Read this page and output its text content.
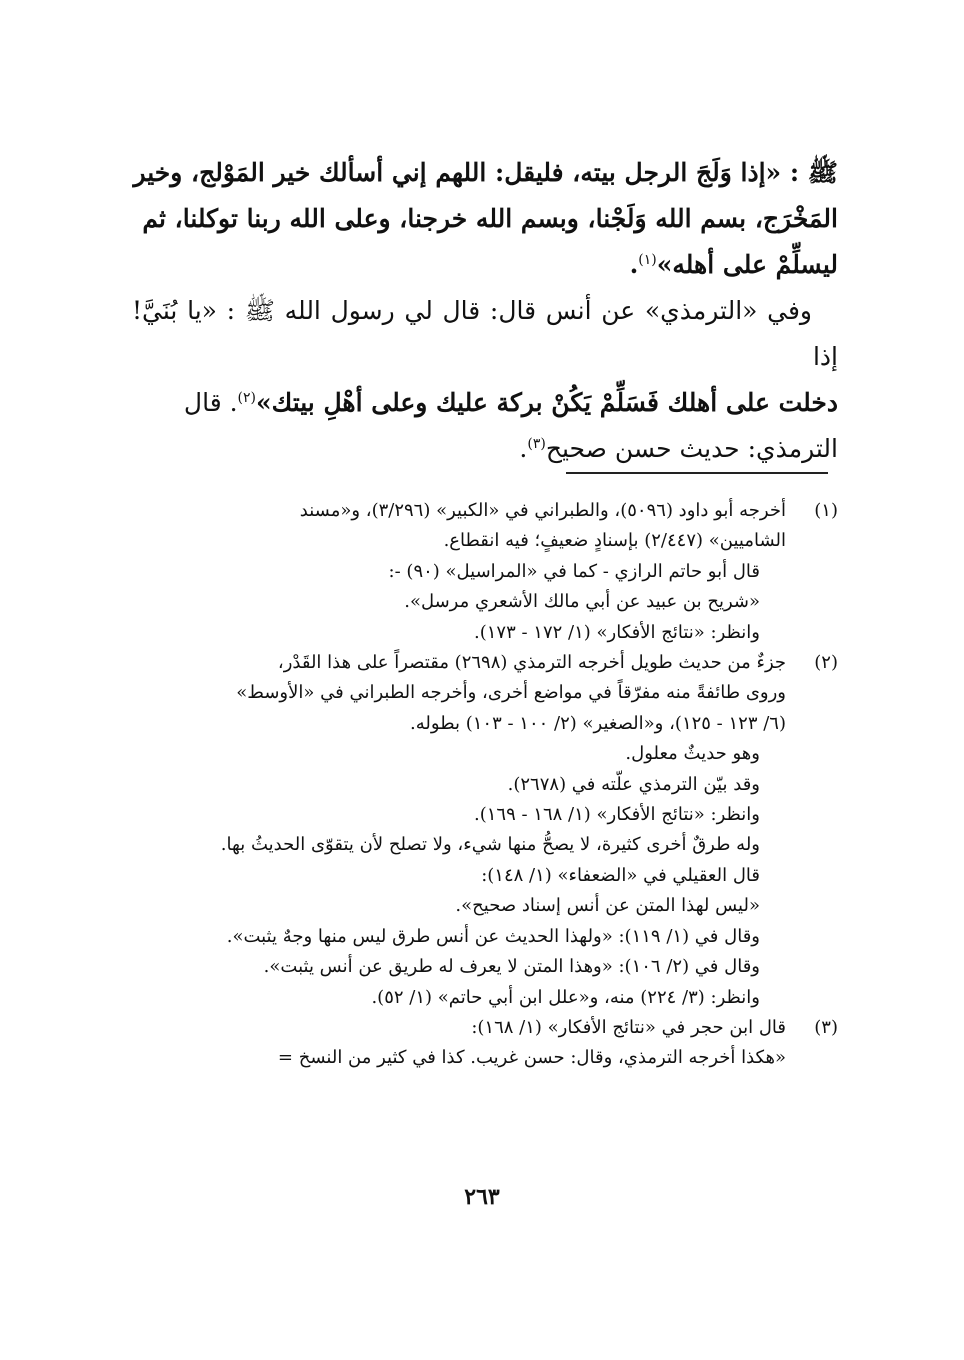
ﷺ : «إذا وَلَجَ الرجل بيته، فليقل: اللهم إني أسألك خير المَوْلج، وخير
المَخْرَج، بسم الله وَلَجْنا، وبسم الله خرجنا، وعلى الله ربنا توكلنا، ثم
ليسلِّمْ على أهله»$^{(١)}$.

وفي «الترمذي» عن أنس قال: قال لي رسول الله ﷺ : «يا بُنَيَّ! إذا
دخلت على أهلك فَسَلِّمْ يَكُنْ بركة عليك وعلى أهْلِ بيتك»$^{(٢)}$. قال
الترمذي: حديث حسن صحيح$^{(٣)}$.

(١)
أخرجه أبو داود (٥٠٩٦)، والطبراني في «الكبير» (٣/٢٩٦)، و«مسند
الشاميين» (٢/٤٤٧) بإسنادٍ ضعيفٍ؛ فيه انقطاع.
قال أبو حاتم الرازي - كما في «المراسيل» (٩٠) -:
«شريح بن عبيد عن أبي مالك الأشعري مرسل».
وانظر: «نتائج الأفكار» (١/ ١٧٢ - ١٧٣).
(٢)
جزءٌ من حديث طويل أخرجه الترمذي (٢٦٩٨) مقتصراً على هذا القَدْر،
وروى طائفةً منه مفرّقاً في مواضع أخرى، وأخرجه الطبراني في «الأوسط»
(٦/ ١٢٣ - ١٢٥)، و«الصغير» (٢/ ١٠٠ - ١٠٣) بطوله.
وهو حديثٌ معلول.
وقد بيّن الترمذي علّته في (٢٦٧٨).
وانظر: «نتائج الأفكار» (١/ ١٦٨ - ١٦٩).
وله طرقٌ أخرى كثيرة، لا يصحُّ منها شيء، ولا تصلح لأن يتقوّى الحديثُ بها.
قال العقيلي في «الضعفاء» (١/ ١٤٨):
«ليس لهذا المتن عن أنس إسناد صحيح».
وقال في (١/ ١١٩): «ولهذا الحديث عن أنس طرق ليس منها وجهٌ يثبت».
وقال في (٢/ ١٠٦): «وهذا المتن لا يعرف له طريق عن أنس يثبت».
وانظر: (٣/ ٢٢٤) منه، و«علل ابن أبي حاتم» (١/ ٥٢).
(٣)
قال ابن حجر في «نتائج الأفكار» (١/ ١٦٨):
«هكذا أخرجه الترمذي، وقال: حسن غريب. كذا في كثير من النسخ =
٢٦٣
